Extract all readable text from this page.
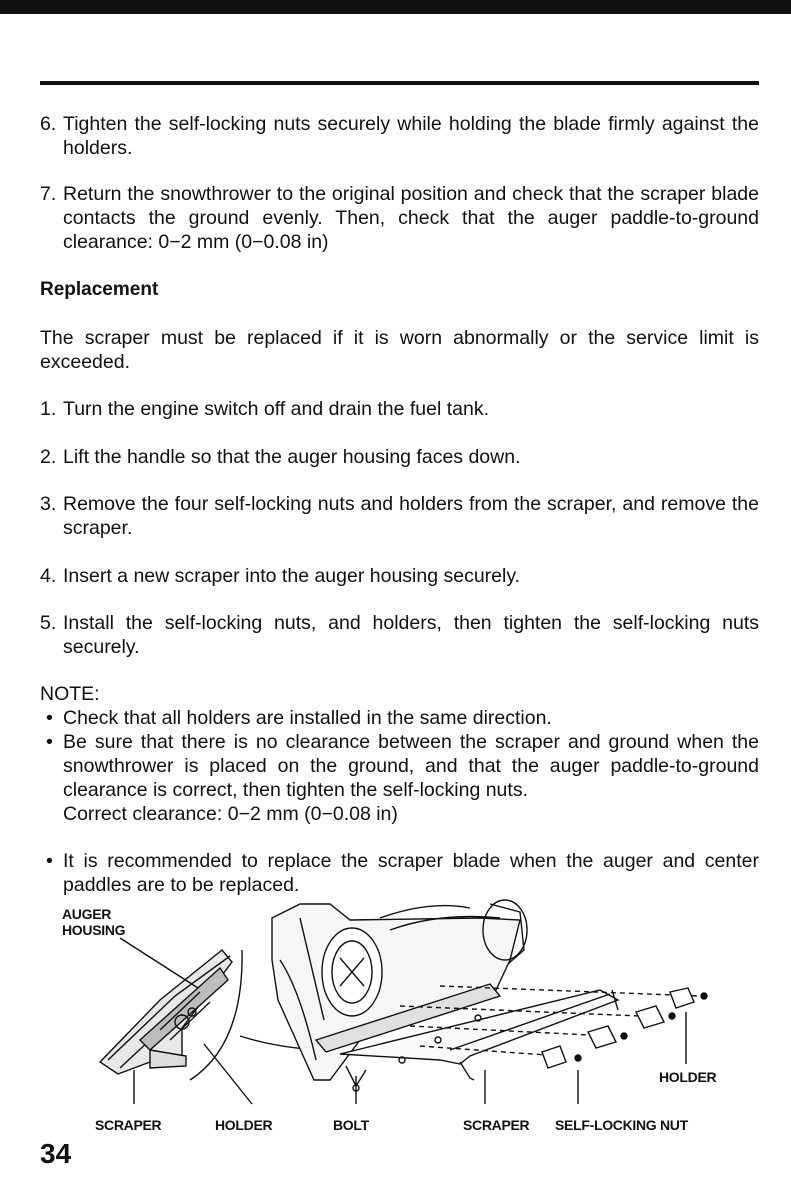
6. Tighten the self-locking nuts securely while holding the blade firmly against the holders.
7. Return the snowthrower to the original position and check that the scraper blade contacts the ground evenly. Then, check that the auger paddle-to-ground clearance: 0−2 mm (0−0.08 in)
Replacement

The scraper must be replaced if it is worn abnormally or the service limit is exceeded.

1. Turn the engine switch off and drain the fuel tank.
2. Lift the handle so that the auger housing faces down.
3. Remove the four self-locking nuts and holders from the scraper, and remove the scraper.
4. Insert a new scraper into the auger housing securely.
5. Install the self-locking nuts, and holders, then tighten the self-locking nuts securely.
NOTE:
• Check that all holders are installed in the same direction.
• Be sure that there is no clearance between the scraper and ground when the snowthrower is placed on the ground, and that the auger paddle-to-ground clearance is correct, then tighten the self-locking nuts.
Correct clearance: 0−2 mm (0−0.08 in)
• It is recommended to replace the scraper blade when the auger and center paddles are to be replaced.
AUGER
HOUSING
SCRAPER	HOLDER	BOLT	SCRAPER SELF-LOCKING NUT
HOLDER
34
